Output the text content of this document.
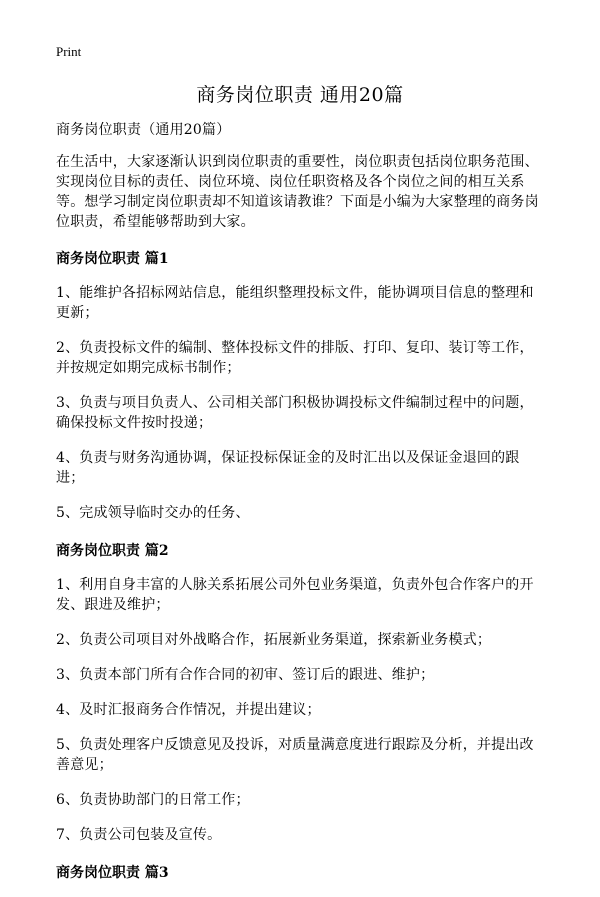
Print
商务岗位职责 通用20篇

商务岗位职责（通用20篇）

在生活中，大家逐渐认识到岗位职责的重要性，岗位职责包括岗位职务范围、实现岗位目标的责任、岗位环境、岗位任职资格及各个岗位之间的相互关系等。想学习制定岗位职责却不知道该请教谁？下面是小编为大家整理的商务岗位职责，希望能够帮助到大家。

商务岗位职责 篇1

1、能维护各招标网站信息，能组织整理投标文件，能协调项目信息的整理和更新；

2、负责投标文件的编制、整体投标文件的排版、打印、复印、装订等工作，并按规定如期完成标书制作；

3、负责与项目负责人、公司相关部门积极协调投标文件编制过程中的问题，确保投标文件按时投递；

4、负责与财务沟通协调，保证投标保证金的及时汇出以及保证金退回的跟进；

5、完成领导临时交办的任务、

商务岗位职责 篇2

1、利用自身丰富的人脉关系拓展公司外包业务渠道，负责外包合作客户的开发、跟进及维护；

2、负责公司项目对外战略合作，拓展新业务渠道，探索新业务模式；

3、负责本部门所有合作合同的初审、签订后的跟进、维护；

4、及时汇报商务合作情况，并提出建议；

5、负责处理客户反馈意见及投诉，对质量满意度进行跟踪及分析，并提出改善意见；

6、负责协助部门的日常工作；

7、负责公司包装及宣传。

商务岗位职责 篇3
